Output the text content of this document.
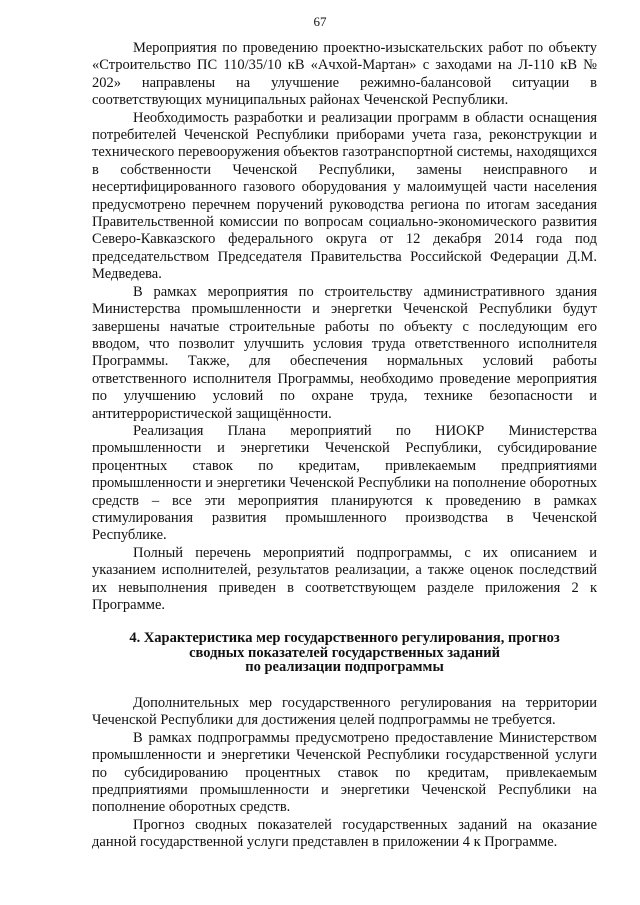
67

Мероприятия по проведению проектно-изыскательских работ по объекту «Строительство ПС 110/35/10 кВ «Ачхой-Мартан» с заходами на Л-110 кВ № 202» направлены на улучшение режимно-балансовой ситуации в соответствующих муниципальных районах Чеченской Республики.

Необходимость разработки и реализации программ в области оснащения потребителей Чеченской Республики приборами учета газа, реконструкции и технического перевооружения объектов газотранспортной системы, находящихся в собственности Чеченской Республики, замены неисправного и несертифицированного газового оборудования у малоимущей части населения предусмотрено перечнем поручений руководства региона по итогам заседания Правительственной комиссии по вопросам социально-экономического развития Северо-Кавказского федерального округа от 12 декабря 2014 года под председательством Председателя Правительства Российской Федерации Д.М. Медведева.

В рамках мероприятия по строительству административного здания Министерства промышленности и энергетки Чеченской Республики будут завершены начатые строительные работы по объекту с последующим его вводом, что позволит улучшить условия труда ответственного исполнителя Программы. Также, для обеспечения нормальных условий работы ответственного исполнителя Программы, необходимо проведение мероприятия по улучшению условий по охране труда, технике безопасности и антитеррористической защищённости.

Реализация Плана мероприятий по НИОКР Министерства промышленности и энергетики Чеченской Республики, субсидирование процентных ставок по кредитам, привлекаемым предприятиями промышленности и энергетики Чеченской Республики на пополнение оборотных средств – все эти мероприятия планируются к проведению в рамках стимулирования развития промышленного производства в Чеченской Республике.

Полный перечень мероприятий подпрограммы, с их описанием и указанием исполнителей, результатов реализации, а также оценок последствий их невыполнения приведен в соответствующем разделе приложения 2 к Программе.

4. Характеристика мер государственного регулирования, прогноз
сводных показателей государственных заданий
по реализации подпрограммы

Дополнительных мер государственного регулирования на территории Чеченской Республики для достижения целей подпрограммы не требуется.

В рамках подпрограммы предусмотрено предоставление Министерством промышленности и энергетики Чеченской Республики государственной услуги по субсидированию процентных ставок по кредитам, привлекаемым предприятиями промышленности и энергетики Чеченской Республики на пополнение оборотных средств.

Прогноз сводных показателей государственных заданий на оказание данной государственной услуги представлен в приложении 4 к Программе.
